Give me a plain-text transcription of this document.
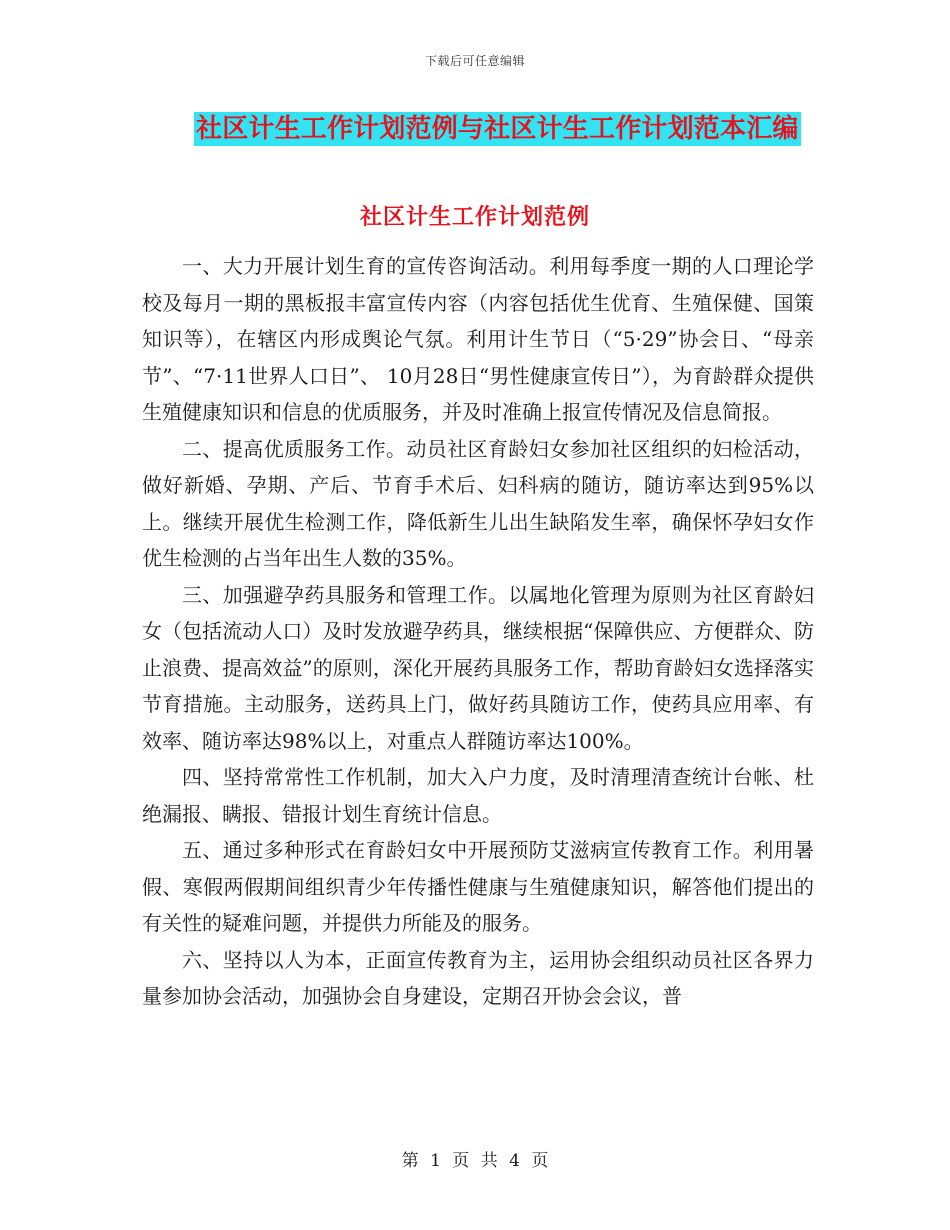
下载后可任意编辑
社区计生工作计划范例与社区计生工作计划范本汇编
社区计生工作计划范例

一、大力开展计划生育的宣传咨询活动。利用每季度一期的人口理论学校及每月一期的黑板报丰富宣传内容（内容包括优生优育、生殖保健、国策知识等），在辖区内形成舆论气氛。利用计生节日（“5·29”协会日、“母亲节”、“7·11世界人口日”、 10月28日“男性健康宣传日”），为育龄群众提供生殖健康知识和信息的优质服务，并及时准确上报宣传情况及信息简报。

二、提高优质服务工作。动员社区育龄妇女参加社区组织的妇检活动，做好新婚、孕期、产后、节育手术后、妇科病的随访，随访率达到95%以上。继续开展优生检测工作，降低新生儿出生缺陷发生率，确保怀孕妇女作优生检测的占当年出生人数的35%。

三、加强避孕药具服务和管理工作。以属地化管理为原则为社区育龄妇女（包括流动人口）及时发放避孕药具，继续根据“保障供应、方便群众、防止浪费、提高效益”的原则，深化开展药具服务工作，帮助育龄妇女选择落实节育措施。主动服务，送药具上门，做好药具随访工作，使药具应用率、有效率、随访率达98%以上，对重点人群随访率达100%。

四、坚持常常性工作机制，加大入户力度，及时清理清查统计台帐、杜绝漏报、瞒报、错报计划生育统计信息。

五、通过多种形式在育龄妇女中开展预防艾滋病宣传教育工作。利用暑假、寒假两假期间组织青少年传播性健康与生殖健康知识，解答他们提出的有关性的疑难问题，并提供力所能及的服务。

六、坚持以人为本，正面宣传教育为主，运用协会组织动员社区各界力量参加协会活动，加强协会自身建设，定期召开协会会议，普

第 1 页 共 4 页
